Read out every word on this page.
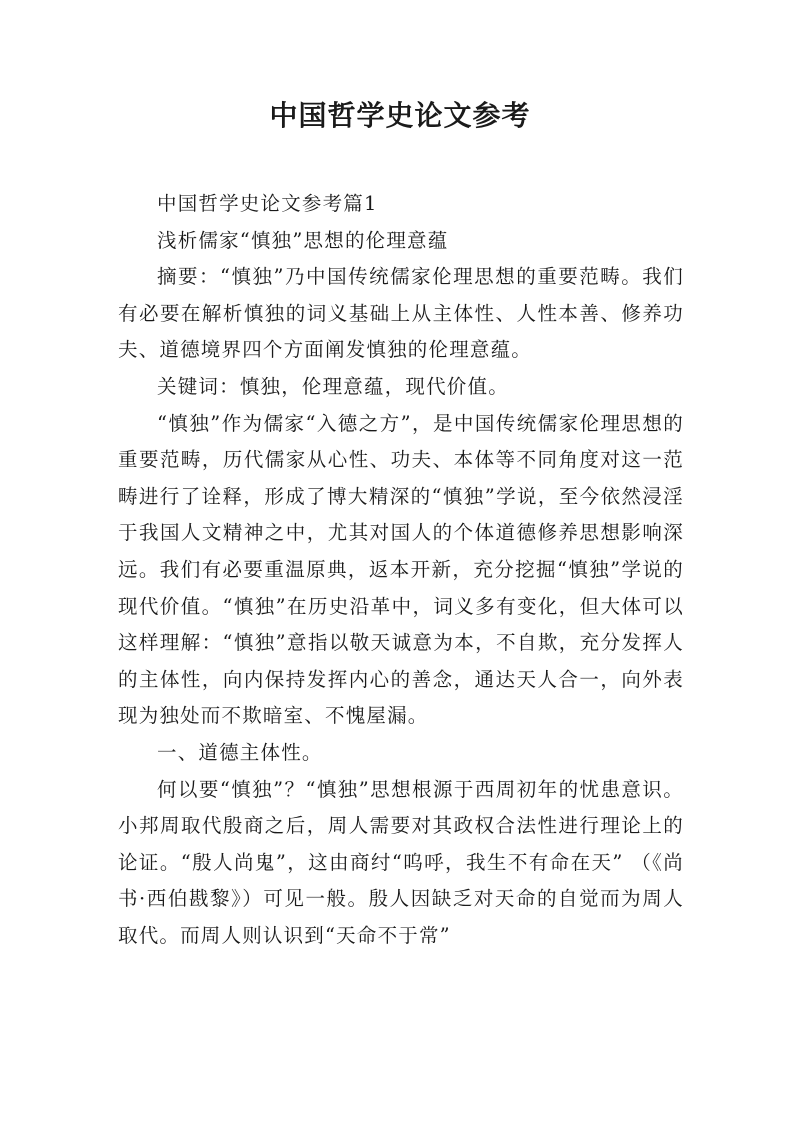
中国哲学史论文参考

中国哲学史论文参考篇1

浅析儒家“慎独”思想的伦理意蕴

摘要：“慎独”乃中国传统儒家伦理思想的重要范畴。我们有必要在解析慎独的词义基础上从主体性、人性本善、修养功夫、道德境界四个方面阐发慎独的伦理意蕴。

关键词：慎独，伦理意蕴，现代价值。

“慎独”作为儒家“入德之方”，是中国传统儒家伦理思想的重要范畴，历代儒家从心性、功夫、本体等不同角度对这一范畴进行了诠释，形成了博大精深的“慎独”学说，至今依然浸淫于我国人文精神之中，尤其对国人的个体道德修养思想影响深远。我们有必要重温原典，返本开新，充分挖掘“慎独”学说的现代价值。“慎独”在历史沿革中，词义多有变化，但大体可以这样理解：“慎独”意指以敬天诚意为本，不自欺，充分发挥人的主体性，向内保持发挥内心的善念，通达天人合一，向外表现为独处而不欺暗室、不愧屋漏。

一、道德主体性。

何以要“慎独”？“慎独”思想根源于西周初年的忧患意识。小邦周取代殷商之后，周人需要对其政权合法性进行理论上的论证。“殷人尚鬼”，这由商纣“呜呼，我生不有命在天” （《尚书·西伯戡黎》）可见一般。殷人因缺乏对天命的自觉而为周人取代。而周人则认识到“天命不于常”
